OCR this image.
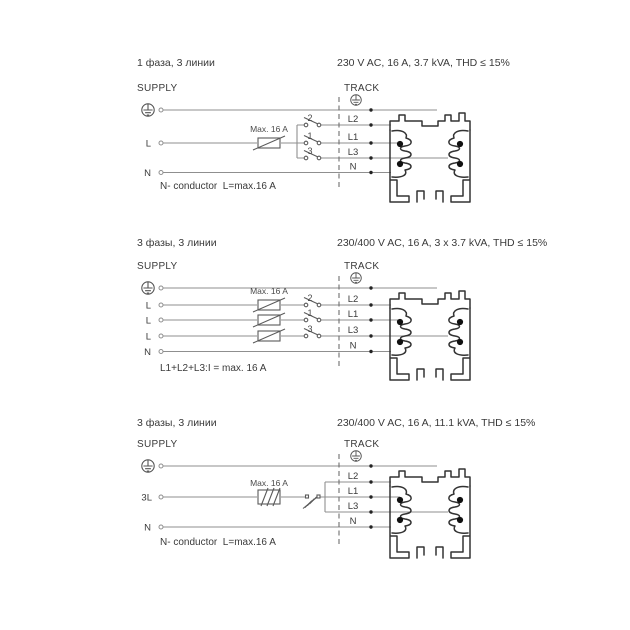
1 фаза, 3 линии	230 V AC, 16 A, 3.7 kVA, THD ≤ 15%
SUPPLY	TRACK
Max. 16 A
2
1
3
L2
L1
L3
N
L
N
N- conductor  L=max.16 A
3 фазы, 3 линии	230/400 V AC, 16 A, 3 x 3.7 kVA, THD ≤ 15%
SUPPLY	TRACK
Max. 16 A
2
1
3
L2
L1
L3
N
L
L
L
N
L1+L2+L3:I = max. 16 A
3 фазы, 3 линии	230/400 V AC, 16 A, 11.1 kVA, THD ≤ 15%
SUPPLY	TRACK
Max. 16 A
L2
L1
L3
N
3L
N
N- conductor  L=max.16 A
